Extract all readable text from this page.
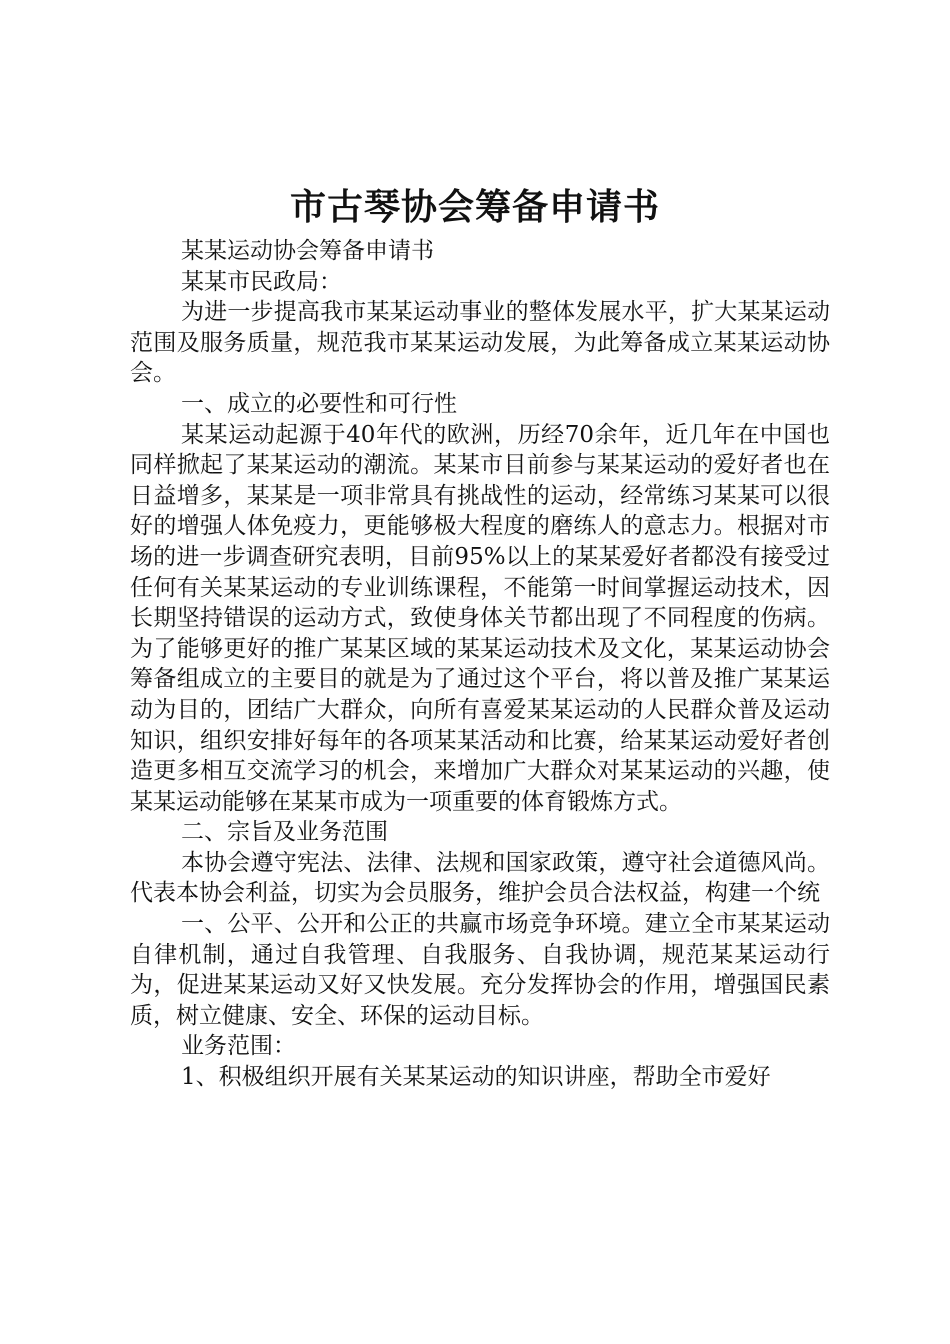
市古琴协会筹备申请书

某某运动协会筹备申请书

某某市民政局：

为进一步提高我市某某运动事业的整体发展水平，扩大某某运动范围及服务质量，规范我市某某运动发展，为此筹备成立某某运动协会。

一、成立的必要性和可行性

某某运动起源于40年代的欧洲，历经70余年，近几年在中国也同样掀起了某某运动的潮流。某某市目前参与某某运动的爱好者也在日益增多，某某是一项非常具有挑战性的运动，经常练习某某可以很好的增强人体免疫力，更能够极大程度的磨练人的意志力。根据对市场的进一步调查研究表明，目前95%以上的某某爱好者都没有接受过任何有关某某运动的专业训练课程，不能第一时间掌握运动技术，因长期坚持错误的运动方式，致使身体关节都出现了不同程度的伤病。为了能够更好的推广某某区域的某某运动技术及文化，某某运动协会筹备组成立的主要目的就是为了通过这个平台，将以普及推广某某运动为目的，团结广大群众，向所有喜爱某某运动的人民群众普及运动知识，组织安排好每年的各项某某活动和比赛，给某某运动爱好者创造更多相互交流学习的机会，来增加广大群众对某某运动的兴趣，使某某运动能够在某某市成为一项重要的体育锻炼方式。

二、宗旨及业务范围

本协会遵守宪法、法律、法规和国家政策，遵守社会道德风尚。代表本协会利益，切实为会员服务，维护会员合法权益，构建一个统

一、公平、公开和公正的共赢市场竞争环境。建立全市某某运动自律机制，通过自我管理、自我服务、自我协调，规范某某运动行为，促进某某运动又好又快发展。充分发挥协会的作用，增强国民素质，树立健康、安全、环保的运动目标。

业务范围：

1、积极组织开展有关某某运动的知识讲座，帮助全市爱好
